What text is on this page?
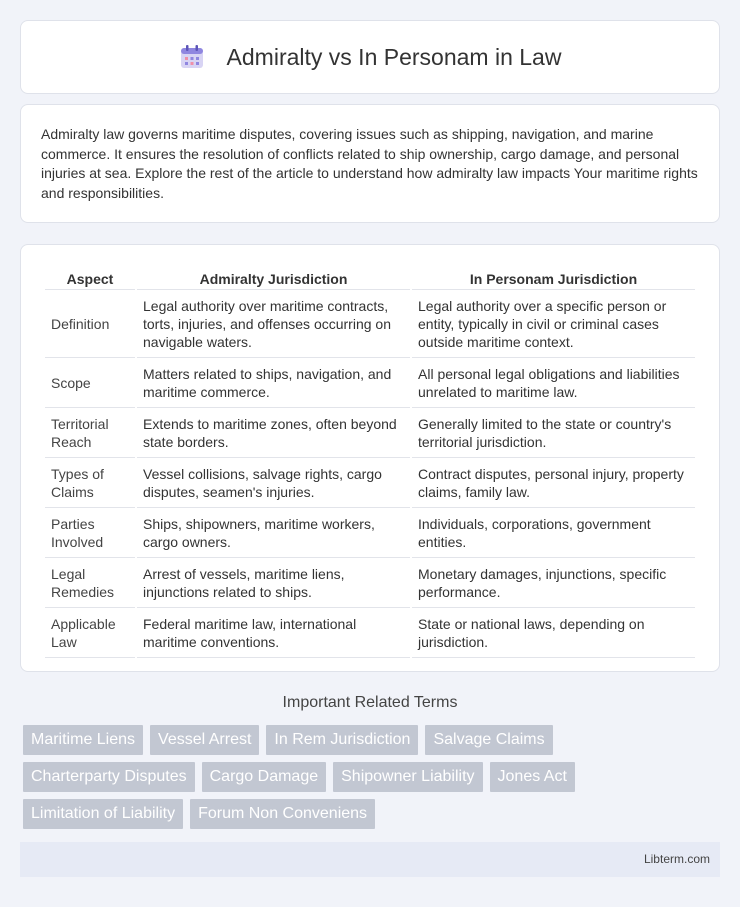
Admiralty vs In Personam in Law

Admiralty law governs maritime disputes, covering issues such as shipping, navigation, and marine commerce. It ensures the resolution of conflicts related to ship ownership, cargo damage, and personal injuries at sea. Explore the rest of the article to understand how admiralty law impacts Your maritime rights and responsibilities.

Aspect	Admiralty Jurisdiction	In Personam Jurisdiction
Definition	Legal authority over maritime contracts, torts, injuries, and offenses occurring on navigable waters.	Legal authority over a specific person or entity, typically in civil or criminal cases outside maritime context.
Scope	Matters related to ships, navigation, and maritime commerce.	All personal legal obligations and liabilities unrelated to maritime law.
Territorial Reach	Extends to maritime zones, often beyond state borders.	Generally limited to the state or country's territorial jurisdiction.
Types of Claims	Vessel collisions, salvage rights, cargo disputes, seamen's injuries.	Contract disputes, personal injury, property claims, family law.
Parties Involved	Ships, shipowners, maritime workers, cargo owners.	Individuals, corporations, government entities.
Legal Remedies	Arrest of vessels, maritime liens, injunctions related to ships.	Monetary damages, injunctions, specific performance.
Applicable Law	Federal maritime law, international maritime conventions.	State or national laws, depending on jurisdiction.
Important Related Terms
Maritime Liens	Vessel Arrest	In Rem Jurisdiction	Salvage Claims
Charterparty Disputes	Cargo Damage	Shipowner Liability	Jones Act
Limitation of Liability	Forum Non Conveniens
Libterm.com
